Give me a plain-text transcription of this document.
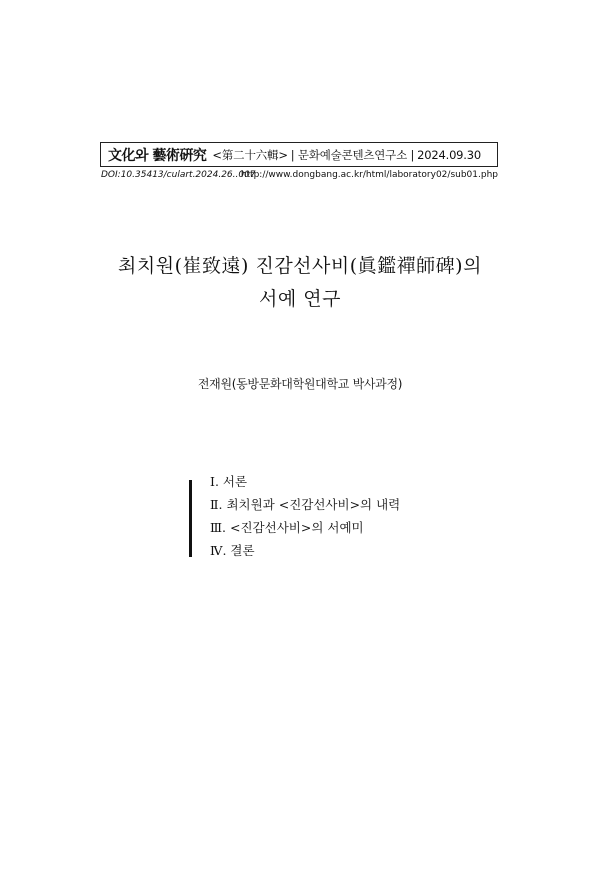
文化와 藝術硏究 <第二十六輯> | 문화예술콘텐츠연구소 | 2024.09.30
DOI:10.35413/culart.2024.26..007
http://www.dongbang.ac.kr/html/laboratory02/sub01.php
최치원(崔致遠) 진감선사비(眞鑑禪師碑)의
서예 연구
전재원(동방문화대학원대학교 박사과정)
Ⅰ. 서론
Ⅱ. 최치원과 <진감선사비>의 내력
Ⅲ. <진감선사비>의 서예미
Ⅳ. 결론
